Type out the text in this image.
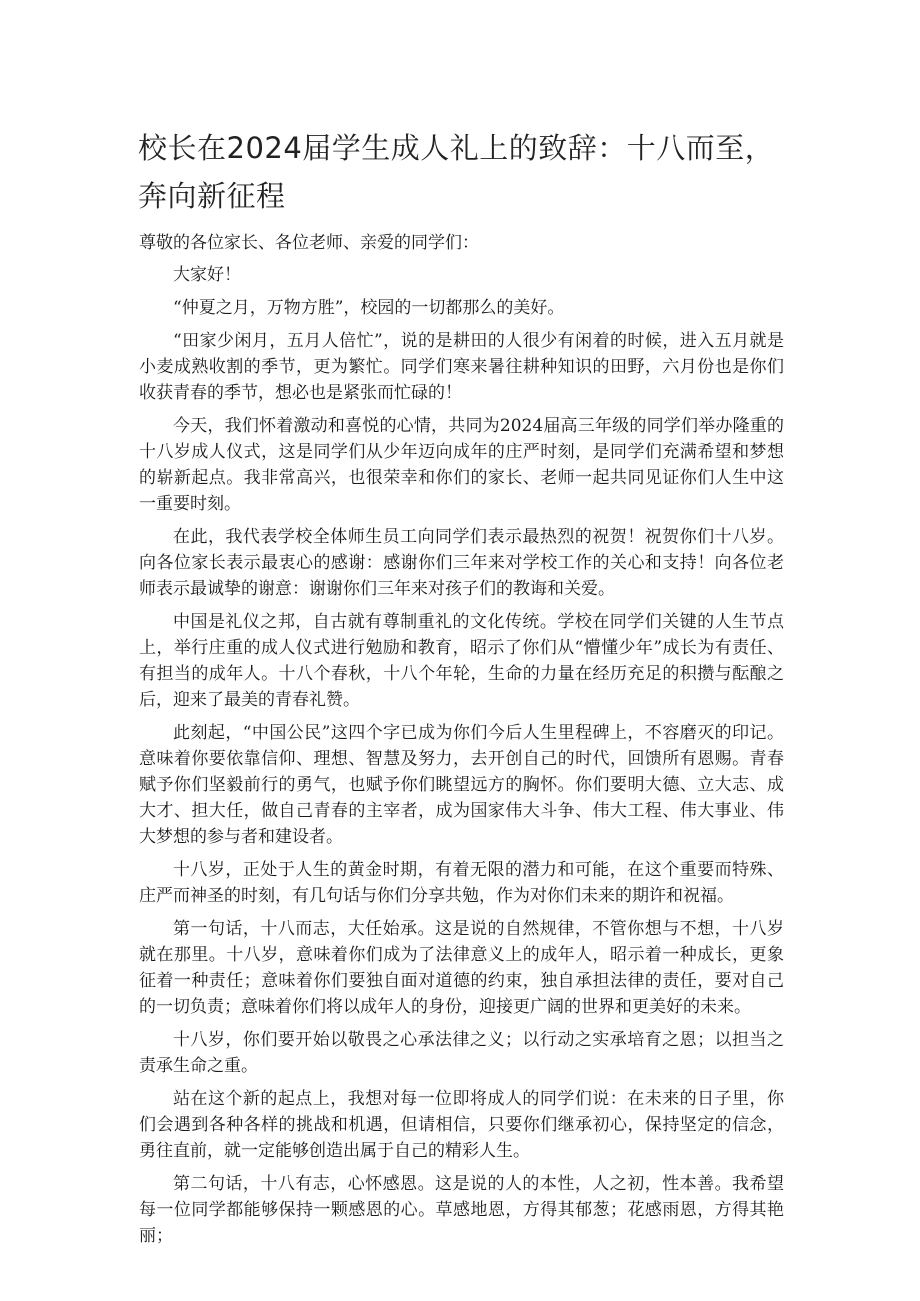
校长在2024届学生成人礼上的致辞：十八而至，奔向新征程

尊敬的各位家长、各位老师、亲爱的同学们：

大家好！

“仲夏之月，万物方胜”，校园的一切都那么的美好。

“田家少闲月，五月人倍忙”，说的是耕田的人很少有闲着的时候，进入五月就是小麦成熟收割的季节，更为繁忙。同学们寒来暑往耕种知识的田野，六月份也是你们收获青春的季节，想必也是紧张而忙碌的！

今天，我们怀着激动和喜悦的心情，共同为2024届高三年级的同学们举办隆重的十八岁成人仪式，这是同学们从少年迈向成年的庄严时刻，是同学们充满希望和梦想的崭新起点。我非常高兴，也很荣幸和你们的家长、老师一起共同见证你们人生中这一重要时刻。

在此，我代表学校全体师生员工向同学们表示最热烈的祝贺！祝贺你们十八岁。向各位家长表示最衷心的感谢：感谢你们三年来对学校工作的关心和支持！向各位老师表示最诚挚的谢意：谢谢你们三年来对孩子们的教诲和关爱。

中国是礼仪之邦，自古就有尊制重礼的文化传统。学校在同学们关键的人生节点上，举行庄重的成人仪式进行勉励和教育，昭示了你们从“懵懂少年”成长为有责任、有担当的成年人。十八个春秋，十八个年轮，生命的力量在经历充足的积攒与酝酿之后，迎来了最美的青春礼赞。

此刻起，“中国公民”这四个字已成为你们今后人生里程碑上，不容磨灭的印记。意味着你要依靠信仰、理想、智慧及努力，去开创自己的时代，回馈所有恩赐。青春赋予你们坚毅前行的勇气，也赋予你们眺望远方的胸怀。你们要明大德、立大志、成大才、担大任，做自己青春的主宰者，成为国家伟大斗争、伟大工程、伟大事业、伟大梦想的参与者和建设者。

十八岁，正处于人生的黄金时期，有着无限的潜力和可能，在这个重要而特殊、庄严而神圣的时刻，有几句话与你们分享共勉，作为对你们未来的期许和祝福。

第一句话，十八而志，大任始承。这是说的自然规律，不管你想与不想，十八岁就在那里。十八岁，意味着你们成为了法律意义上的成年人，昭示着一种成长，更象征着一种责任；意味着你们要独自面对道德的约束，独自承担法律的责任，要对自己的一切负责；意味着你们将以成年人的身份，迎接更广阔的世界和更美好的未来。

十八岁，你们要开始以敬畏之心承法律之义；以行动之实承培育之恩；以担当之责承生命之重。

站在这个新的起点上，我想对每一位即将成人的同学们说：在未来的日子里，你们会遇到各种各样的挑战和机遇，但请相信，只要你们继承初心，保持坚定的信念，勇往直前，就一定能够创造出属于自己的精彩人生。

第二句话，十八有志，心怀感恩。这是说的人的本性，人之初，性本善。我希望每一位同学都能够保持一颗感恩的心。草感地恩，方得其郁葱；花感雨恩，方得其艳丽；
